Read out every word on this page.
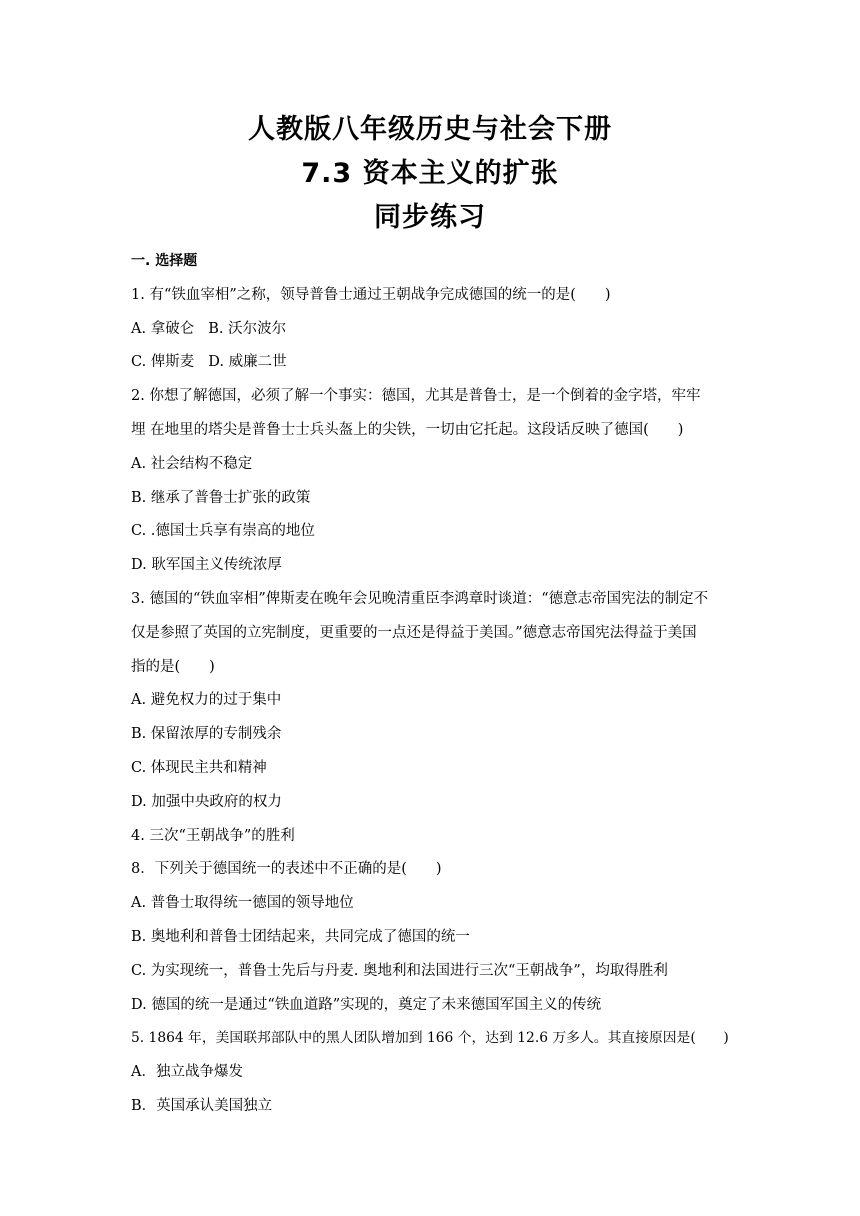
人教版八年级历史与社会下册
7.3 资本主义的扩张
同步练习
一. 选择题
1. 有“铁血宰相”之称，领导普鲁士通过王朝战争完成德国的统一的是(　　)
A. 拿破仑 B. 沃尔波尔
C. 俾斯麦 D. 威廉二世
2. 你想了解德国，必须了解一个事实：德国，尤其是普鲁士，是一个倒着的金字塔，牢牢
埋 在地里的塔尖是普鲁士士兵头盔上的尖铁，一切由它托起。这段话反映了德国(　　)
A. 社会结构不稳定
B. 继承了普鲁士扩张的政策
C. .德国士兵享有崇高的地位
D. 耿军国主义传统浓厚
3. 德国的“铁血宰相”俾斯麦在晚年会见晚清重臣李鸿章时谈道：“德意志帝国宪法的制定不
仅是参照了英国的立宪制度，更重要的一点还是得益于美国。”德意志帝国宪法得益于美国
指的是(　　)
A. 避免权力的过于集中
B. 保留浓厚的专制残余
C. 体现民主共和精神
D. 加强中央政府的权力
4. 三次“王朝战争”的胜利
8．下列关于德国统一的表述中不正确的是(　　)
A. 普鲁士取得统一德国的领导地位
B. 奥地利和普鲁士团结起来，共同完成了德国的统一
C. 为实现统一，普鲁士先后与丹麦. 奥地利和法国进行三次“王朝战争”，均取得胜利
D. 德国的统一是通过“铁血道路”实现的，奠定了未来德国军国主义的传统
5. 1864 年，美国联邦部队中的黑人团队增加到 166 个，达到 12.6 万多人。其直接原因是(　　)
A．独立战争爆发
B．英国承认美国独立
